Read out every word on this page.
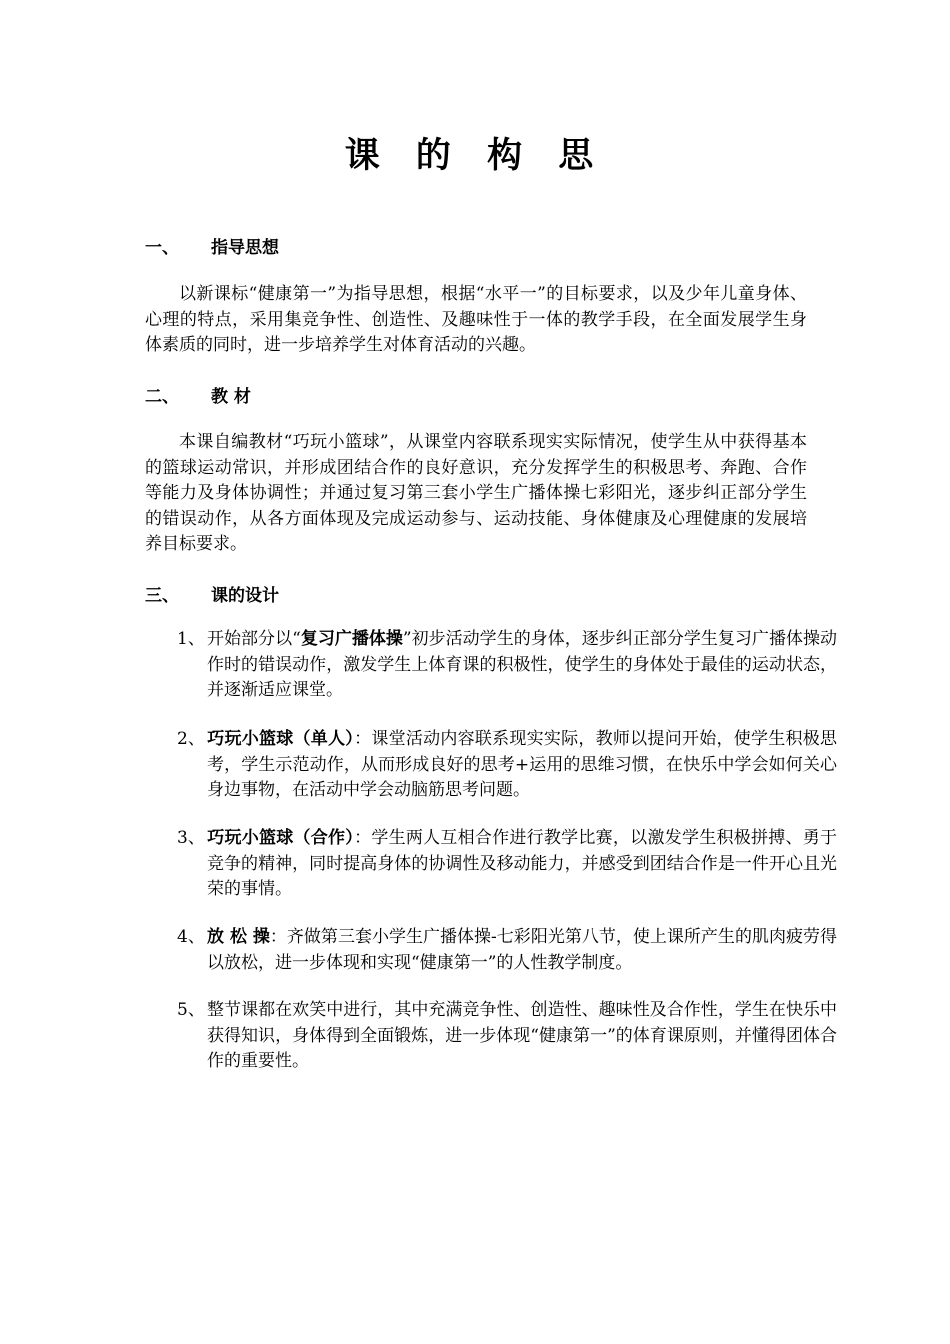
课 的 构 思
一、 指导思想
以新课标“健康第一”为指导思想，根据“水平一”的目标要求，以及少年儿童身体、心理的特点，采用集竞争性、创造性、及趣味性于一体的教学手段，在全面发展学生身体素质的同时，进一步培养学生对体育活动的兴趣。
二、 教 材
本课自编教材“巧玩小篮球”，从课堂内容联系现实实际情况，使学生从中获得基本的篮球运动常识，并形成团结合作的良好意识，充分发挥学生的积极思考、奔跑、合作等能力及身体协调性；并通过复习第三套小学生广播体操七彩阳光，逐步纠正部分学生的错误动作，从各方面体现及完成运动参与、运动技能、身体健康及心理健康的发展培养目标要求。
三、 课的设计
1、 开始部分以“复习广播体操”初步活动学生的身体，逐步纠正部分学生复习广播体操动作时的错误动作，激发学生上体育课的积极性，使学生的身体处于最佳的运动状态，并逐渐适应课堂。
2、 巧玩小篮球（单人）：课堂活动内容联系现实实际，教师以提问开始，使学生积极思考，学生示范动作，从而形成良好的思考+运用的思维习惯，在快乐中学会如何关心身边事物，在活动中学会动脑筋思考问题。
3、 巧玩小篮球（合作）：学生两人互相合作进行教学比赛，以激发学生积极拼搏、勇于竞争的精神，同时提高身体的协调性及移动能力，并感受到团结合作是一件开心且光荣的事情。
4、 放 松 操：齐做第三套小学生广播体操-七彩阳光第八节，使上课所产生的肌肉疲劳得以放松，进一步体现和实现“健康第一”的人性教学制度。
5、 整节课都在欢笑中进行，其中充满竞争性、创造性、趣味性及合作性，学生在快乐中获得知识，身体得到全面锻炼，进一步体现“健康第一”的体育课原则，并懂得团体合作的重要性。
